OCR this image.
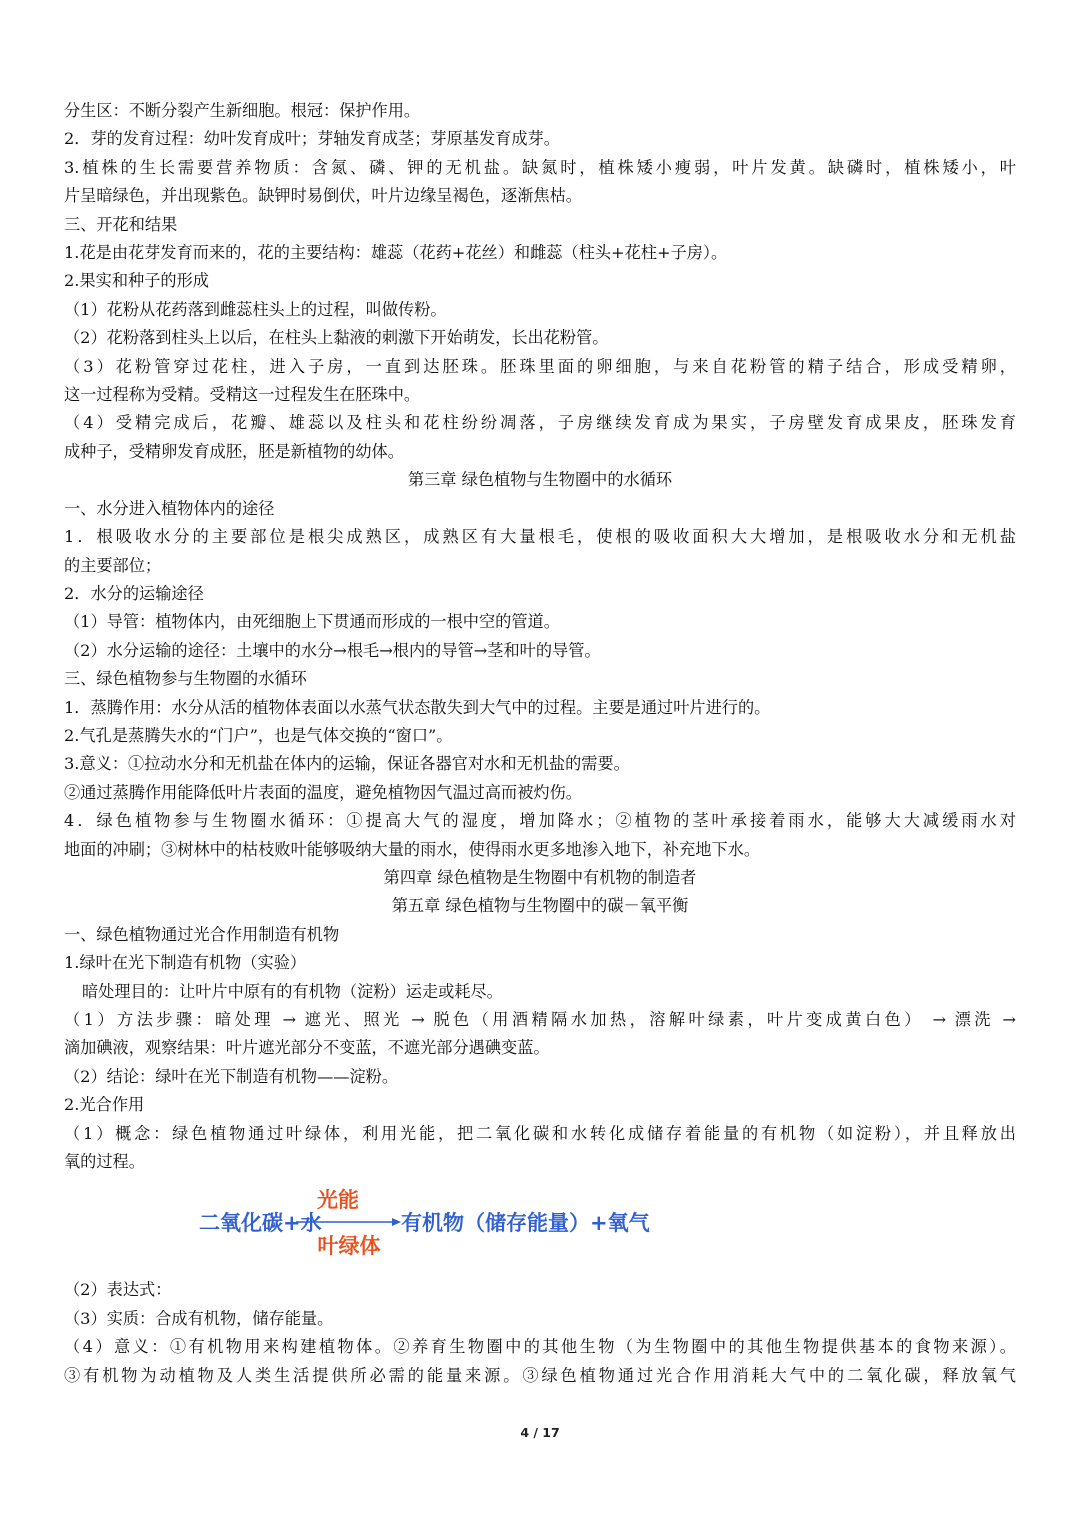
分生区：不断分裂产生新细胞。根冠：保护作用。
2．芽的发育过程：幼叶发育成叶；芽轴发育成茎；芽原基发育成芽。
3.植株的生长需要营养物质：含氮、磷、钾的无机盐。缺氮时，植株矮小瘦弱，叶片发黄。缺磷时，植株矮小，叶
片呈暗绿色，并出现紫色。缺钾时易倒伏，叶片边缘呈褐色，逐渐焦枯。
三、开花和结果
1.花是由花芽发育而来的，花的主要结构：雄蕊（花药+花丝）和雌蕊（柱头+花柱+子房）。
2.果实和种子的形成
（1）花粉从花药落到雌蕊柱头上的过程，叫做传粉。
（2）花粉落到柱头上以后，在柱头上黏液的刺激下开始萌发，长出花粉管。
（3）花粉管穿过花柱，进入子房，一直到达胚珠。胚珠里面的卵细胞，与来自花粉管的精子结合，形成受精卵，
这一过程称为受精。受精这一过程发生在胚珠中。
（4）受精完成后，花瓣、雄蕊以及柱头和花柱纷纷凋落，子房继续发育成为果实，子房壁发育成果皮，胚珠发育
成种子，受精卵发育成胚，胚是新植物的幼体。
第三章 绿色植物与生物圈中的水循环
一、水分进入植物体内的途径
1．根吸收水分的主要部位是根尖成熟区，成熟区有大量根毛，使根的吸收面积大大增加，是根吸收水分和无机盐
的主要部位；
2．水分的运输途径
（1）导管：植物体内，由死细胞上下贯通而形成的一根中空的管道。
（2）水分运输的途径：土壤中的水分→根毛→根内的导管→茎和叶的导管。
三、绿色植物参与生物圈的水循环
1．蒸腾作用：水分从活的植物体表面以水蒸气状态散失到大气中的过程。主要是通过叶片进行的。
2.气孔是蒸腾失水的“门户”，也是气体交换的“窗口”。
3.意义：①拉动水分和无机盐在体内的运输，保证各器官对水和无机盐的需要。
②通过蒸腾作用能降低叶片表面的温度，避免植物因气温过高而被灼伤。
4．绿色植物参与生物圈水循环：①提高大气的湿度，增加降水；②植物的茎叶承接着雨水，能够大大减缓雨水对
地面的冲刷；③树林中的枯枝败叶能够吸纳大量的雨水，使得雨水更多地渗入地下，补充地下水。
第四章 绿色植物是生物圈中有机物的制造者
第五章 绿色植物与生物圈中的碳－氧平衡
一、绿色植物通过光合作用制造有机物
1.绿叶在光下制造有机物（实验）
暗处理目的：让叶片中原有的有机物（淀粉）运走或耗尽。
（1）方法步骤：暗处理 → 遮光、照光 → 脱色（用酒精隔水加热，溶解叶绿素，叶片变成黄白色） → 漂洗 →
滴加碘液，观察结果：叶片遮光部分不变蓝，不遮光部分遇碘变蓝。
（2）结论：绿叶在光下制造有机物——淀粉。
2.光合作用
（1）概念：绿色植物通过叶绿体，利用光能，把二氧化碳和水转化成储存着能量的有机物（如淀粉），并且释放出
氧的过程。
二氧化碳+水
光能
叶绿体
有机物（储存能量）+氧气
（2）表达式：
（3）实质：合成有机物，储存能量。
（4）意义：①有机物用来构建植物体。②养育生物圈中的其他生物（为生物圈中的其他生物提供基本的食物来源）。
③有机物为动植物及人类生活提供所必需的能量来源。③绿色植物通过光合作用消耗大气中的二氧化碳，释放氧气
4 / 17
